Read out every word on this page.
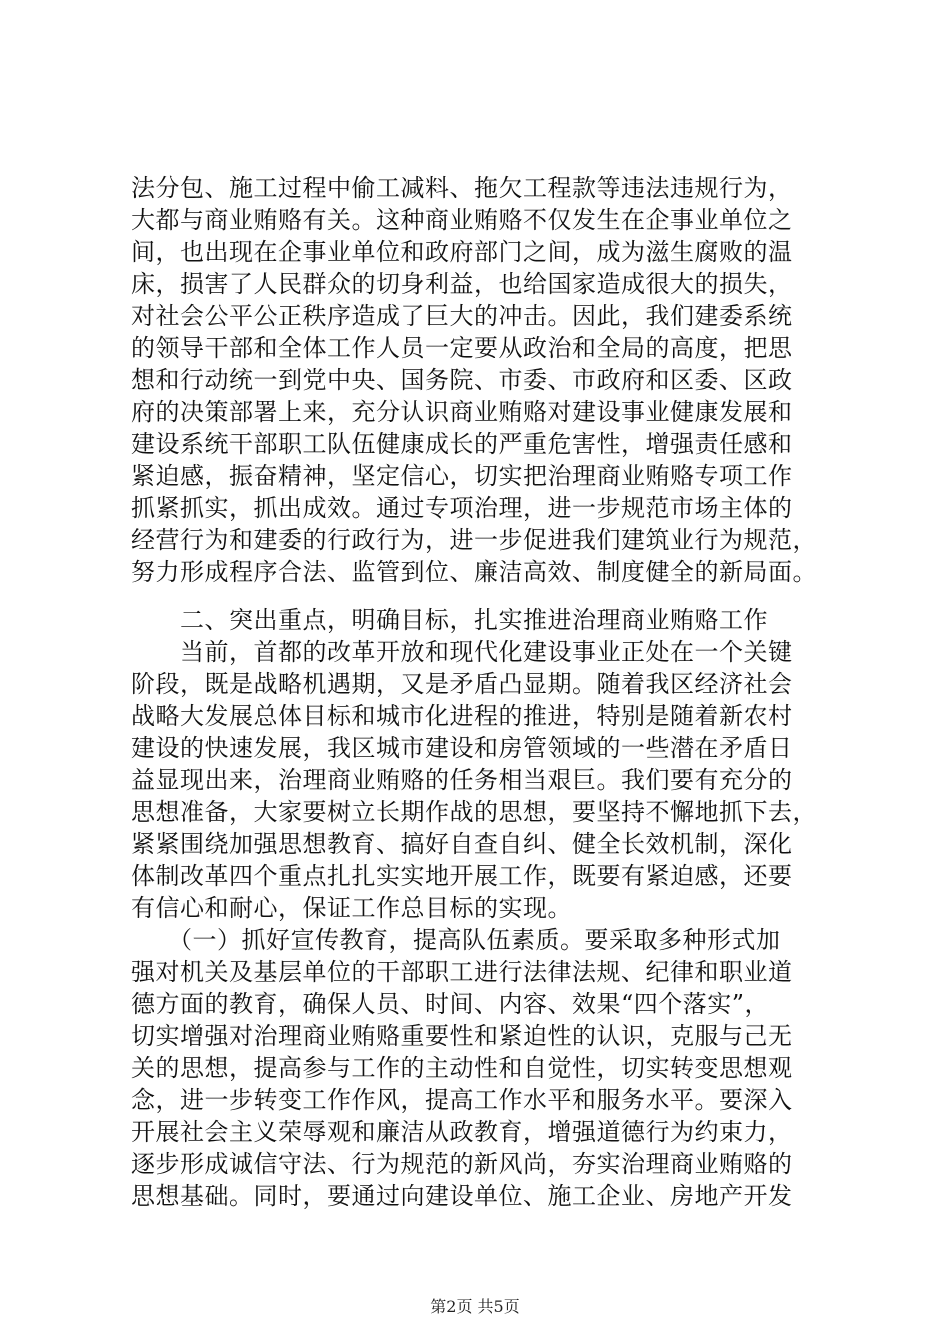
法分包、施工过程中偷工减料、拖欠工程款等违法违规行为，
大都与商业贿赂有关。这种商业贿赂不仅发生在企事业单位之
间，也出现在企事业单位和政府部门之间，成为滋生腐败的温
床，损害了人民群众的切身利益，也给国家造成很大的损失，
对社会公平公正秩序造成了巨大的冲击。因此，我们建委系统
的领导干部和全体工作人员一定要从政治和全局的高度，把思
想和行动统一到党中央、国务院、市委、市政府和区委、区政
府的决策部署上来，充分认识商业贿赂对建设事业健康发展和
建设系统干部职工队伍健康成长的严重危害性，增强责任感和
紧迫感，振奋精神，坚定信心，切实把治理商业贿赂专项工作
抓紧抓实，抓出成效。通过专项治理，进一步规范市场主体的
经营行为和建委的行政行为，进一步促进我们建筑业行为规范，
努力形成程序合法、监管到位、廉洁高效、制度健全的新局面。
　　二、突出重点，明确目标，扎实推进治理商业贿赂工作
　　当前，首都的改革开放和现代化建设事业正处在一个关键
阶段，既是战略机遇期，又是矛盾凸显期。随着我区经济社会
战略大发展总体目标和城市化进程的推进，特别是随着新农村
建设的快速发展，我区城市建设和房管领域的一些潜在矛盾日
益显现出来，治理商业贿赂的任务相当艰巨。我们要有充分的
思想准备，大家要树立长期作战的思想，要坚持不懈地抓下去，
紧紧围绕加强思想教育、搞好自查自纠、健全长效机制，深化
体制改革四个重点扎扎实实地开展工作，既要有紧迫感，还要
有信心和耐心，保证工作总目标的实现。
　　（一）抓好宣传教育，提高队伍素质。要采取多种形式加
强对机关及基层单位的干部职工进行法律法规、纪律和职业道
德方面的教育，确保人员、时间、内容、效果“四个落实”，
切实增强对治理商业贿赂重要性和紧迫性的认识，克服与己无
关的思想，提高参与工作的主动性和自觉性，切实转变思想观
念，进一步转变工作作风，提高工作水平和服务水平。要深入
开展社会主义荣辱观和廉洁从政教育，增强道德行为约束力，
逐步形成诚信守法、行为规范的新风尚，夯实治理商业贿赂的
思想基础。同时，要通过向建设单位、施工企业、房地产开发
第2页 共5页
